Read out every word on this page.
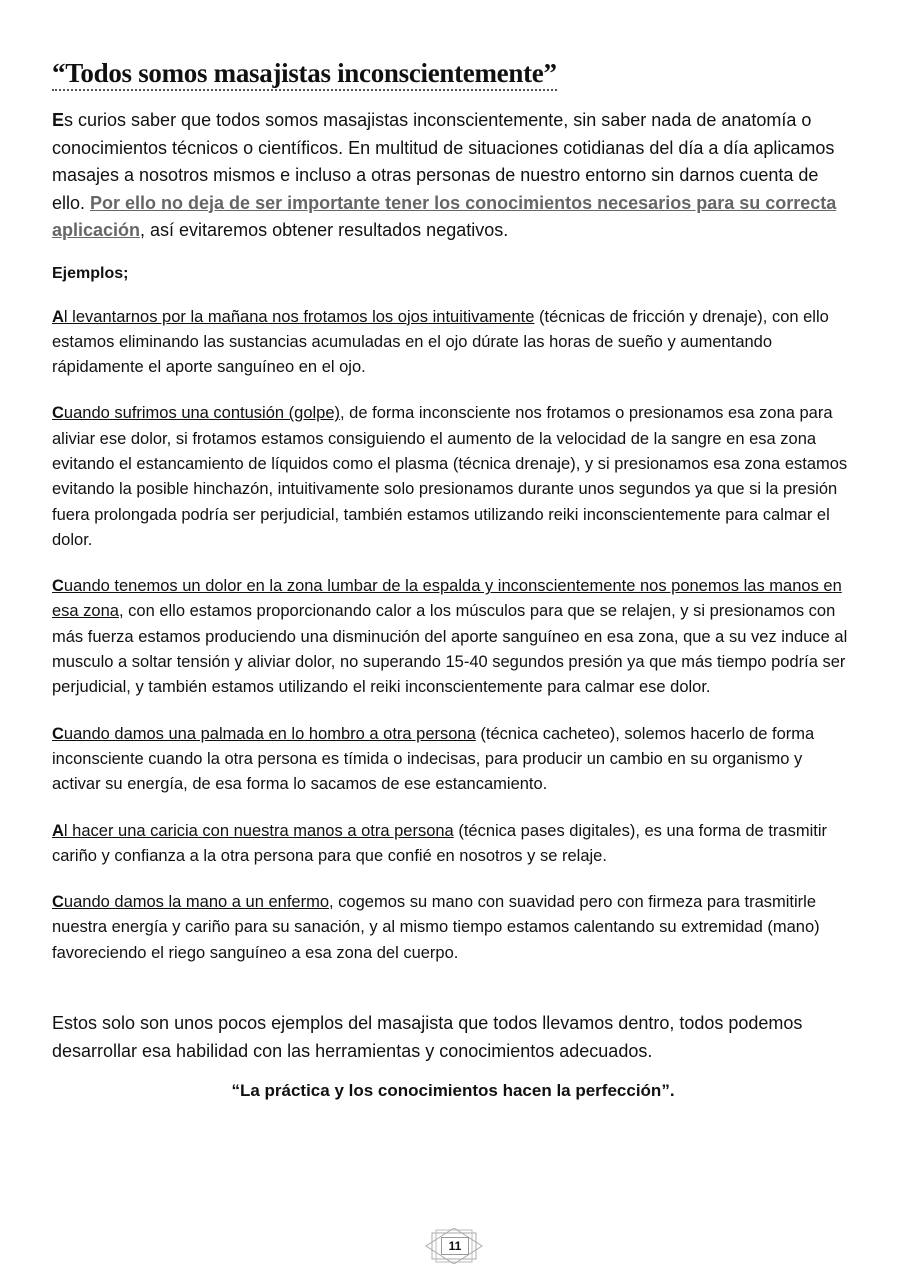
“Todos somos masajistas inconscientemente”

Es curios saber que todos somos masajistas inconscientemente, sin saber nada de anatomía o conocimientos técnicos o científicos. En multitud de situaciones cotidianas del día a día aplicamos masajes a nosotros mismos e incluso a otras personas de nuestro entorno sin darnos cuenta de ello. Por ello no deja de ser importante tener los conocimientos necesarios para su correcta aplicación, así evitaremos obtener resultados negativos.

Ejemplos;

Al levantarnos por la mañana nos frotamos los ojos intuitivamente (técnicas de fricción y drenaje), con ello estamos eliminando las sustancias acumuladas en el ojo dúrate las horas de sueño y aumentando rápidamente el aporte sanguíneo en el ojo.

Cuando sufrimos una contusión (golpe), de forma inconsciente nos frotamos o presionamos esa zona para aliviar ese dolor, si frotamos estamos consiguiendo el aumento de la velocidad de la sangre en esa zona evitando el estancamiento de líquidos como el plasma (técnica drenaje), y si presionamos esa zona estamos evitando la posible hinchazón, intuitivamente solo presionamos durante unos segundos ya que si la presión fuera prolongada podría ser perjudicial, también estamos utilizando reiki inconscientemente para calmar el dolor.

Cuando tenemos un dolor en la zona lumbar de la espalda y inconscientemente nos ponemos las manos en esa zona, con ello estamos proporcionando calor a los músculos para que se relajen, y si presionamos con más fuerza estamos produciendo una disminución del aporte sanguíneo en esa zona, que a su vez induce al musculo a soltar tensión y aliviar dolor, no superando 15-40 segundos presión ya que más tiempo podría ser perjudicial, y también estamos utilizando el reiki inconscientemente para calmar ese dolor.

Cuando damos una palmada en lo hombro a otra persona (técnica cacheteo), solemos hacerlo de forma inconsciente cuando la otra persona es tímida o indecisas, para producir un cambio en su organismo y activar su energía, de esa forma lo sacamos de ese estancamiento.

Al hacer una caricia con nuestra manos a otra persona (técnica pases digitales), es una forma de trasmitir cariño y confianza a la otra persona para que confié en nosotros y se relaje.

Cuando damos la mano a un enfermo, cogemos su mano con suavidad pero con firmeza para trasmitirle nuestra energía y cariño para su sanación, y al mismo tiempo estamos calentando su extremidad (mano) favoreciendo el riego sanguíneo a esa zona del cuerpo.

Estos solo son unos pocos ejemplos del masajista que todos llevamos dentro, todos podemos desarrollar esa habilidad con las herramientas y conocimientos adecuados.

“La práctica y los conocimientos hacen la perfección”.

11
